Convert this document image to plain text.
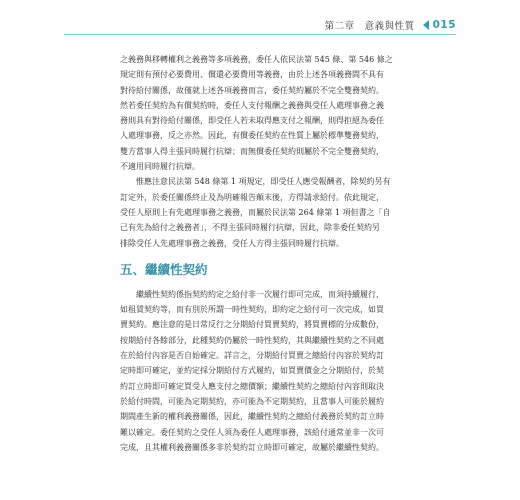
第二章　意義與性質 015
之義務與移轉權利之義務等多項義務，委任人依民法第 545 條、第 546 條之
規定則有預付必要費用、償還必要費用等義務，由於上述各項義務間不具有
對待給付關係，故僅就上述各項義務而言，委任契約屬於不完全雙務契約。
然若委任契約為有償契約時，委任人支付報酬之義務與受任人處理事務之義
務則具有對待給付關係，即受任人若未取得應支付之報酬，則得拒絕為委任
人處理事務，反之亦然。因此，有償委任契約在性質上屬於標準雙務契約，
雙方當事人得主張同時履行抗辯；而無償委任契約則屬於不完全雙務契約，
不適用同時履行抗辯。
惟應注意民法第 548 條第 1 項規定，即受任人應受報酬者，除契約另有
訂定外，於委任關係終止及為明確報告顛末後，方得請求給付。依此規定，
受任人原則上有先處理事務之義務，而屬於民法第 264 條第 1 項但書之「自
己有先為給付之義務者」，不得主張同時履行抗辯，因此，除非委任契約另
排除受任人先處理事務之義務，受任人方得主張同時履行抗辯。
五、繼續性契約
繼續性契約係指契約約定之給付非一次履行即可完成，而須持續履行，
如租賃契約等，而有別於所謂一時性契約，即約定之給付可一次完成，如買
賣契約。應注意的是日常反行之分期給付買賣契約，將買賣標的分成數份，
按期給付各餘部分，此種契約仍屬於一時性契約，其與繼續性契約之不同處
在於給付內容是否自始確定。詳言之，分期給付買賣之總給付內容於契約訂
定時即可確定，並約定採分期給付方式履約，如買賣價金之分期給付，於契
約訂立時即可確定買受人應支付之總價額；繼續性契約之總給付內容則取決
於給付時間，可能為定期契約，亦可能為不定期契約，且當事人可能於履約
期間產生新的權利義務關係，因此，繼續性契約之總給付義務於契約訂立時
難以確定。委任契約之受任人須為委任人處理事務，該給付通常並非一次可
完成，且其權利義務關係多非於契約訂立時即可確定，故屬於繼續性契約。
